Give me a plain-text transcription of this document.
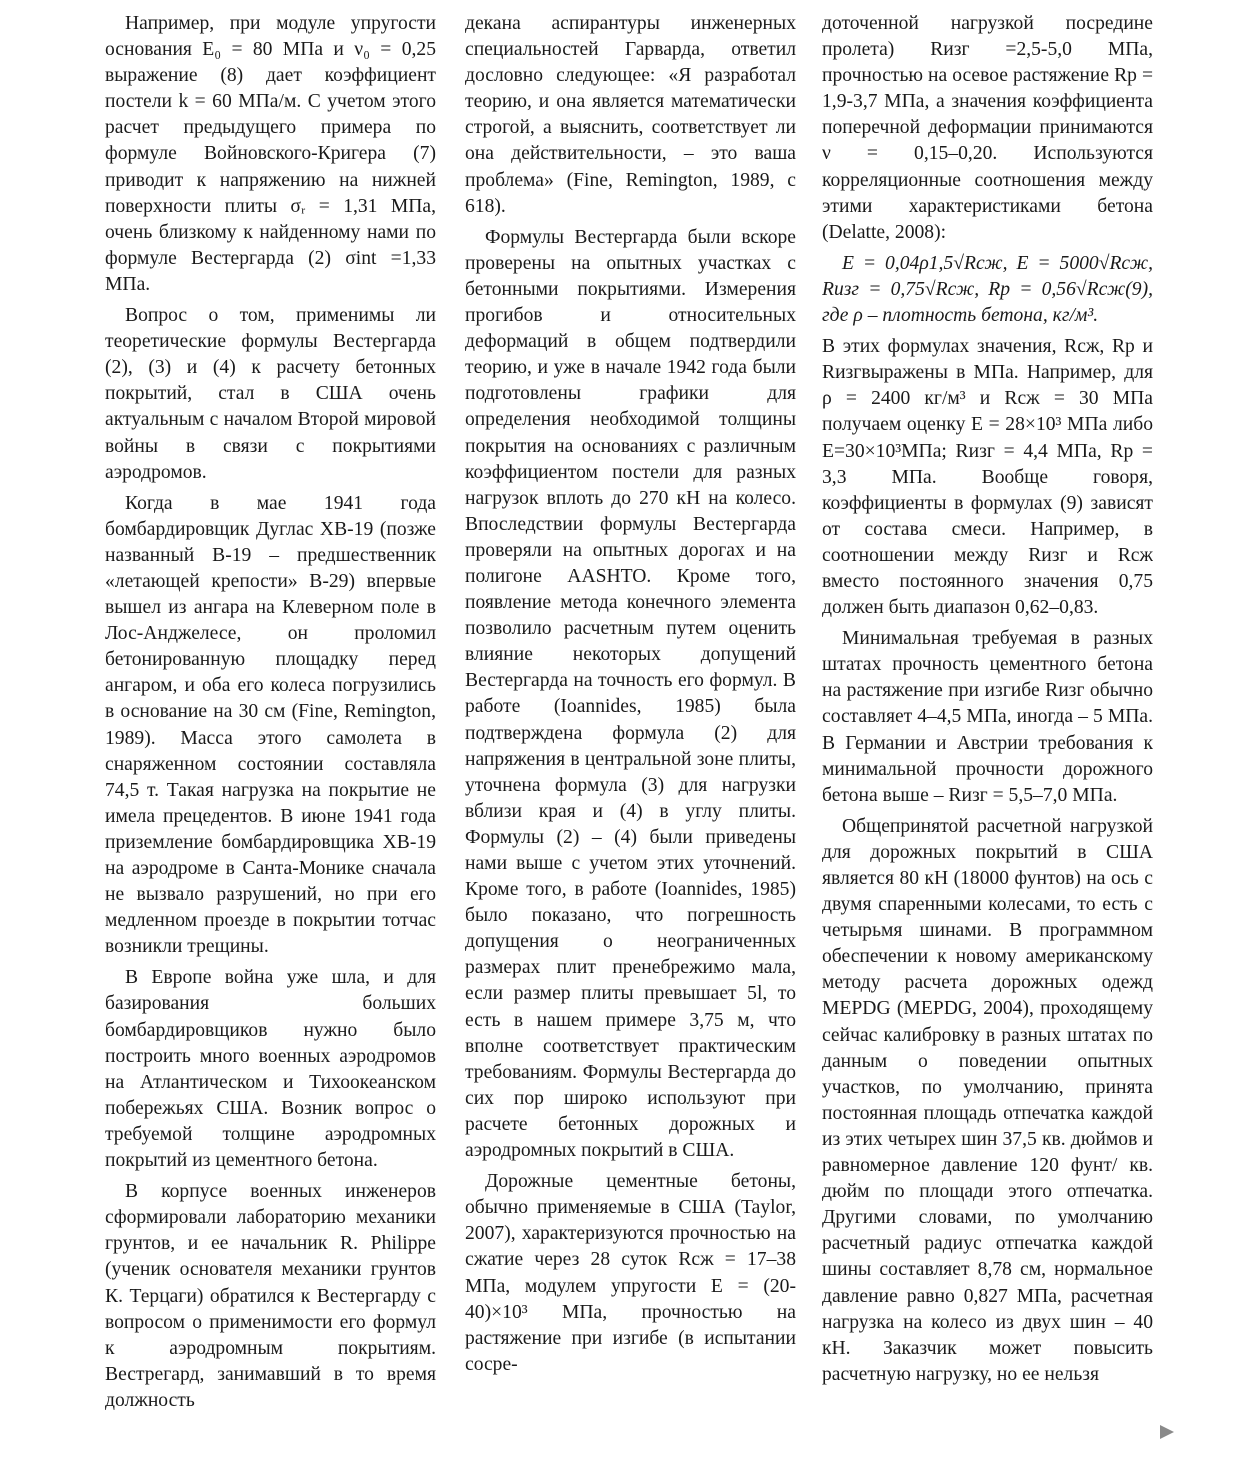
Например, при модуле упругости основания E₀ = 80 МПа и ν₀ = 0,25 выражение (8) дает коэффициент постели k = 60 МПа/м. С учетом этого расчет предыдущего примера по формуле Войновского-Кригера (7) приводит к напряжению на нижней поверхности плиты σᵣ = 1,31 МПа, очень близкому к найденному нами по формуле Вестергарда (2) σint =1,33 МПа.

Вопрос о том, применимы ли теоретические формулы Вестергарда (2), (3) и (4) к расчету бетонных покрытий, стал в США очень актуальным с началом Второй мировой войны в связи с покрытиями аэродромов.

Когда в мае 1941 года бомбардировщик Дуглас ХВ-19 (позже названный В-19 – предшественник «летающей крепости» В-29) впервые вышел из ангара на Клеверном поле в Лос-Анджелесе, он проломил бетонированную площадку перед ангаром, и оба его колеса погрузились в основание на 30 см (Fine, Remington, 1989). Масса этого самолета в снаряженном состоянии составляла 74,5 т. Такая нагрузка на покрытие не имела прецедентов. В июне 1941 года приземление бомбардировщика ХВ-19 на аэродроме в Санта-Монике сначала не вызвало разрушений, но при его медленном проезде в покрытии тотчас возникли трещины.

В Европе война уже шла, и для базирования больших бомбардировщиков нужно было построить много военных аэродромов на Атлантическом и Тихоокеанском побережьях США. Возник вопрос о требуемой толщине аэродромных покрытий из цементного бетона.

В корпусе военных инженеров сформировали лабораторию механики грунтов, и ее начальник R. Philippe (ученик основателя механики грунтов К. Терцаги) обратился к Вестергарду с вопросом о применимости его формул к аэродромным покрытиям. Вестрегард, занимавший в то время должность

декана аспирантуры инженерных специальностей Гарварда, ответил дословно следующее: «Я разработал теорию, и она является математически строгой, а выяснить, соответствует ли она действительности, – это ваша проблема» (Fine, Remington, 1989, с 618).

Формулы Вестергарда были вскоре проверены на опытных участках с бетонными покрытиями. Измерения прогибов и относительных деформаций в общем подтвердили теорию, и уже в начале 1942 года были подготовлены графики для определения необходимой толщины покрытия на основаниях с различным коэффициентом постели для разных нагрузок вплоть до 270 кН на колесо. Впоследствии формулы Вестергарда проверяли на опытных дорогах и на полигоне AASHTO. Кроме того, появление метода конечного элемента позволило расчетным путем оценить влияние некоторых допущений Вестергарда на точность его формул. В работе (Ioannides, 1985) была подтверждена формула (2) для напряжения в центральной зоне плиты, уточнена формула (3) для нагрузки вблизи края и (4) в углу плиты. Формулы (2) – (4) были приведены нами выше с учетом этих уточнений. Кроме того, в работе (Ioannides, 1985) было показано, что погрешность допущения о неограниченных размерах плит пренебрежимо мала, если размер плиты превышает 5l, то есть в нашем примере 3,75 м, что вполне соответствует практическим требованиям. Формулы Вестергарда до сих пор широко используют при расчете бетонных дорожных и аэродромных покрытий в США.

Дорожные цементные бетоны, обычно применяемые в США (Taylor, 2007), характеризуются прочностью на сжатие через 28 суток Rсж = 17–38 МПа, модулем упругости E = (20-40)×10³ МПа, прочностью на растяжение при изгибе (в испытании сосре-

доточенной нагрузкой посредине пролета) Rизг =2,5-5,0 МПа, прочностью на осевое растяжение Rp = 1,9-3,7 МПа, а значения коэффициента поперечной деформации принимаются ν = 0,15–0,20. Используются корреляционные соотношения между этими характеристиками бетона (Delatte, 2008):

E = 0,04ρ1,5√Rсж, E = 5000√Rсж, Rизг = 0,75√Rсж, Rp = 0,56√Rсж(9), где ρ – плотность бетона, кг/м³.

В этих формулах значения, Rсж, Rp и Rизгвыражены в МПа. Например, для ρ = 2400 кг/м³ и Rсж = 30 МПа получаем оценку E = 28×10³ МПа либо E=30×10³МПа; Rизг = 4,4 МПа, Rp = 3,3 МПа. Вообще говоря, коэффициенты в формулах (9) зависят от состава смеси. Например, в соотношении между Rизг и Rсж вместо постоянного значения 0,75 должен быть диапазон 0,62–0,83.

Минимальная требуемая в разных штатах прочность цементного бетона на растяжение при изгибе Rизг обычно составляет 4–4,5 МПа, иногда – 5 МПа. В Германии и Австрии требования к минимальной прочности дорожного бетона выше – Rизг = 5,5–7,0 МПа.

Общепринятой расчетной нагрузкой для дорожных покрытий в США является 80 кН (18000 фунтов) на ось с двумя спаренными колесами, то есть с четырьмя шинами. В программном обеспечении к новому американскому методу расчета дорожных одежд MEPDG (MEPDG, 2004), проходящему сейчас калибровку в разных штатах по данным о поведении опытных участков, по умолчанию, принята постоянная площадь отпечатка каждой из этих четырех шин 37,5 кв. дюймов и равномерное давление 120 фунт/ кв. дюйм по площади этого отпечатка. Другими словами, по умолчанию расчетный радиус отпечатка каждой шины составляет 8,78 см, нормальное давление равно 0,827 МПа, расчетная нагрузка на колесо из двух шин – 40 кН. Заказчик может повысить расчетную нагрузку, но ее нельзя
